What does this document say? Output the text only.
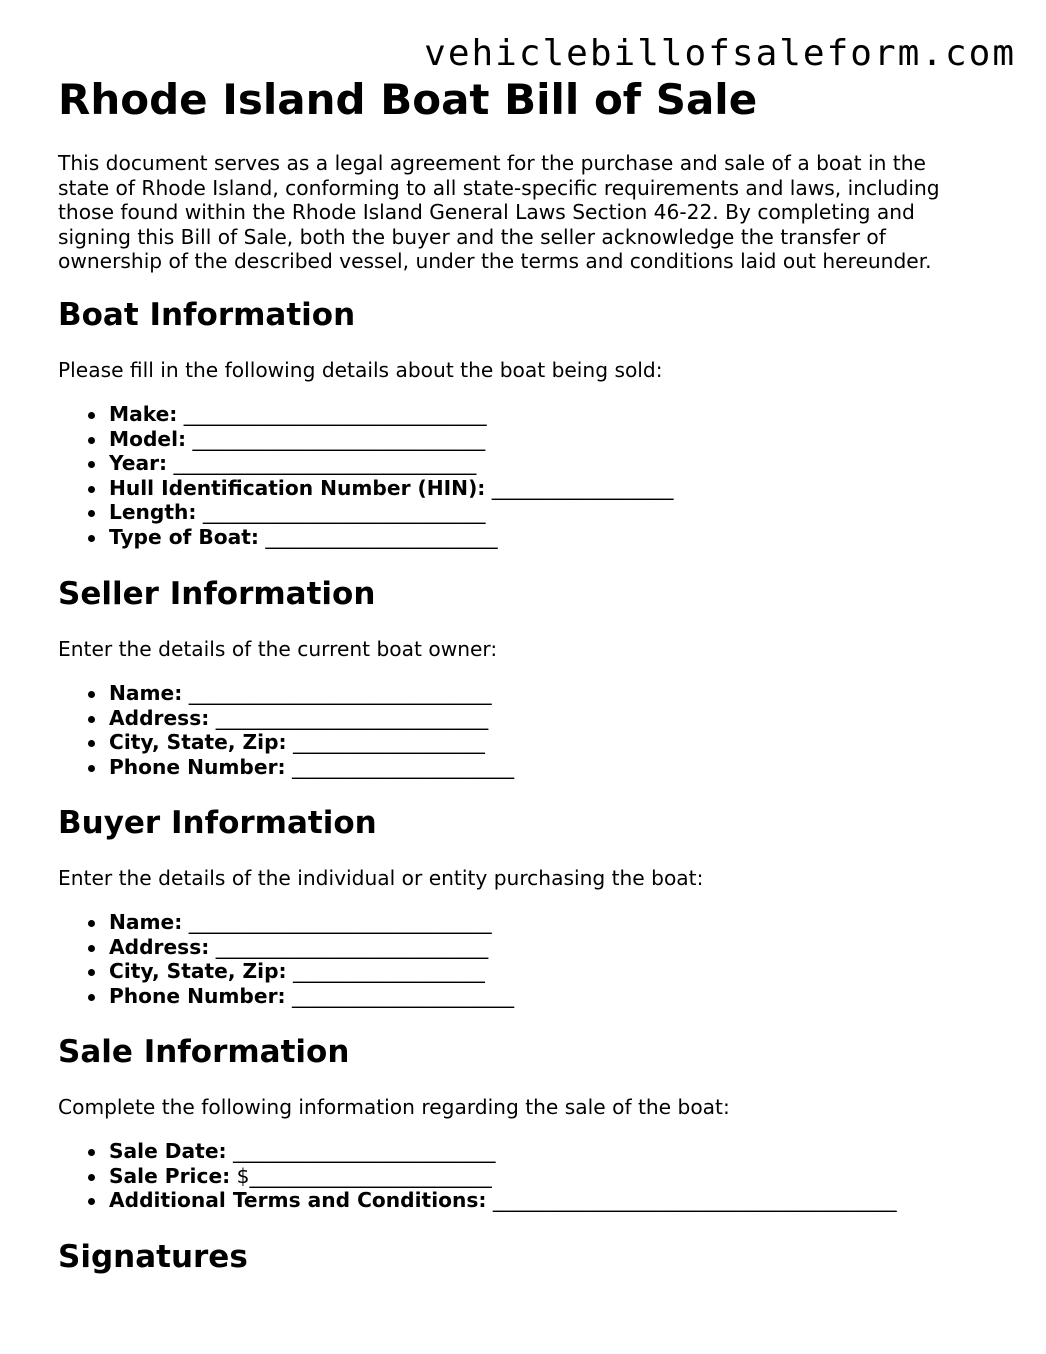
vehiclebillofsaleform.com
Rhode Island Boat Bill of Sale

This document serves as a legal agreement for the purchase and sale of a boat in the state of Rhode Island, conforming to all state-specific requirements and laws, including those found within the Rhode Island General Laws Section 46-22. By completing and signing this Bill of Sale, both the buyer and the seller acknowledge the transfer of ownership of the described vessel, under the terms and conditions laid out hereunder.

Boat Information

Please fill in the following details about the boat being sold:

Make: ______________________________
Model: _____________________________
Year: ______________________________
Hull Identification Number (HIN): __________________
Length: ____________________________
Type of Boat: _______________________
Seller Information

Enter the details of the current boat owner:

Name: ______________________________
Address: ___________________________
City, State, Zip: ___________________
Phone Number: ______________________
Buyer Information

Enter the details of the individual or entity purchasing the boat:

Name: ______________________________
Address: ___________________________
City, State, Zip: ___________________
Phone Number: ______________________
Sale Information

Complete the following information regarding the sale of the boat:

Sale Date: __________________________
Sale Price: $________________________
Additional Terms and Conditions: ________________________________________
Signatures
